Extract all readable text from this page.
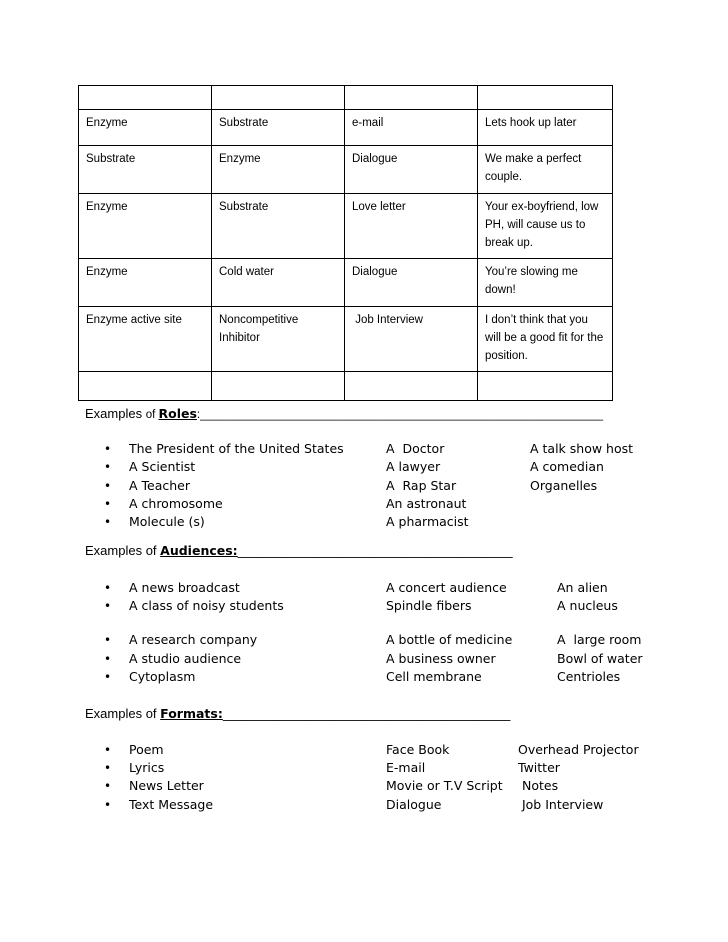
Enzyme	Substrate	e-mail	Lets hook up later
Substrate	Enzyme	Dialogue	We make a perfect couple.
Enzyme	Substrate	Love letter	Your ex-boyfriend, low PH, will cause us to break up.
Enzyme	Cold water	Dialogue	You’re slowing me down!
Enzyme active site	Noncompetitive Inhibitor	Job Interview	I don’t think that you will be a good fit for the position.

Examples of Roles:_______________________________________________________________
• The President of the United States
• A Scientist
• A Teacher
• A chromosome
• Molecule (s)
A  Doctor
A lawyer
A  Rap Star
An astronaut
A pharmacist
A talk show host
A comedian
Organelles
Examples of Audiences:____________________________________________
• A news broadcast
• A class of noisy students
• A research company
• A studio audience
• Cytoplasm
A concert audience
Spindle fibers
A bottle of medicine
A business owner
Cell membrane
An alien
A nucleus
A  large room
Bowl of water
Centrioles
Examples of Formats:______________________________________________
• Poem
• Lyrics
• News Letter
• Text Message
Face Book
E-mail
Movie or T.V Script
Dialogue
Overhead Projector
Twitter
Notes
Job Interview
